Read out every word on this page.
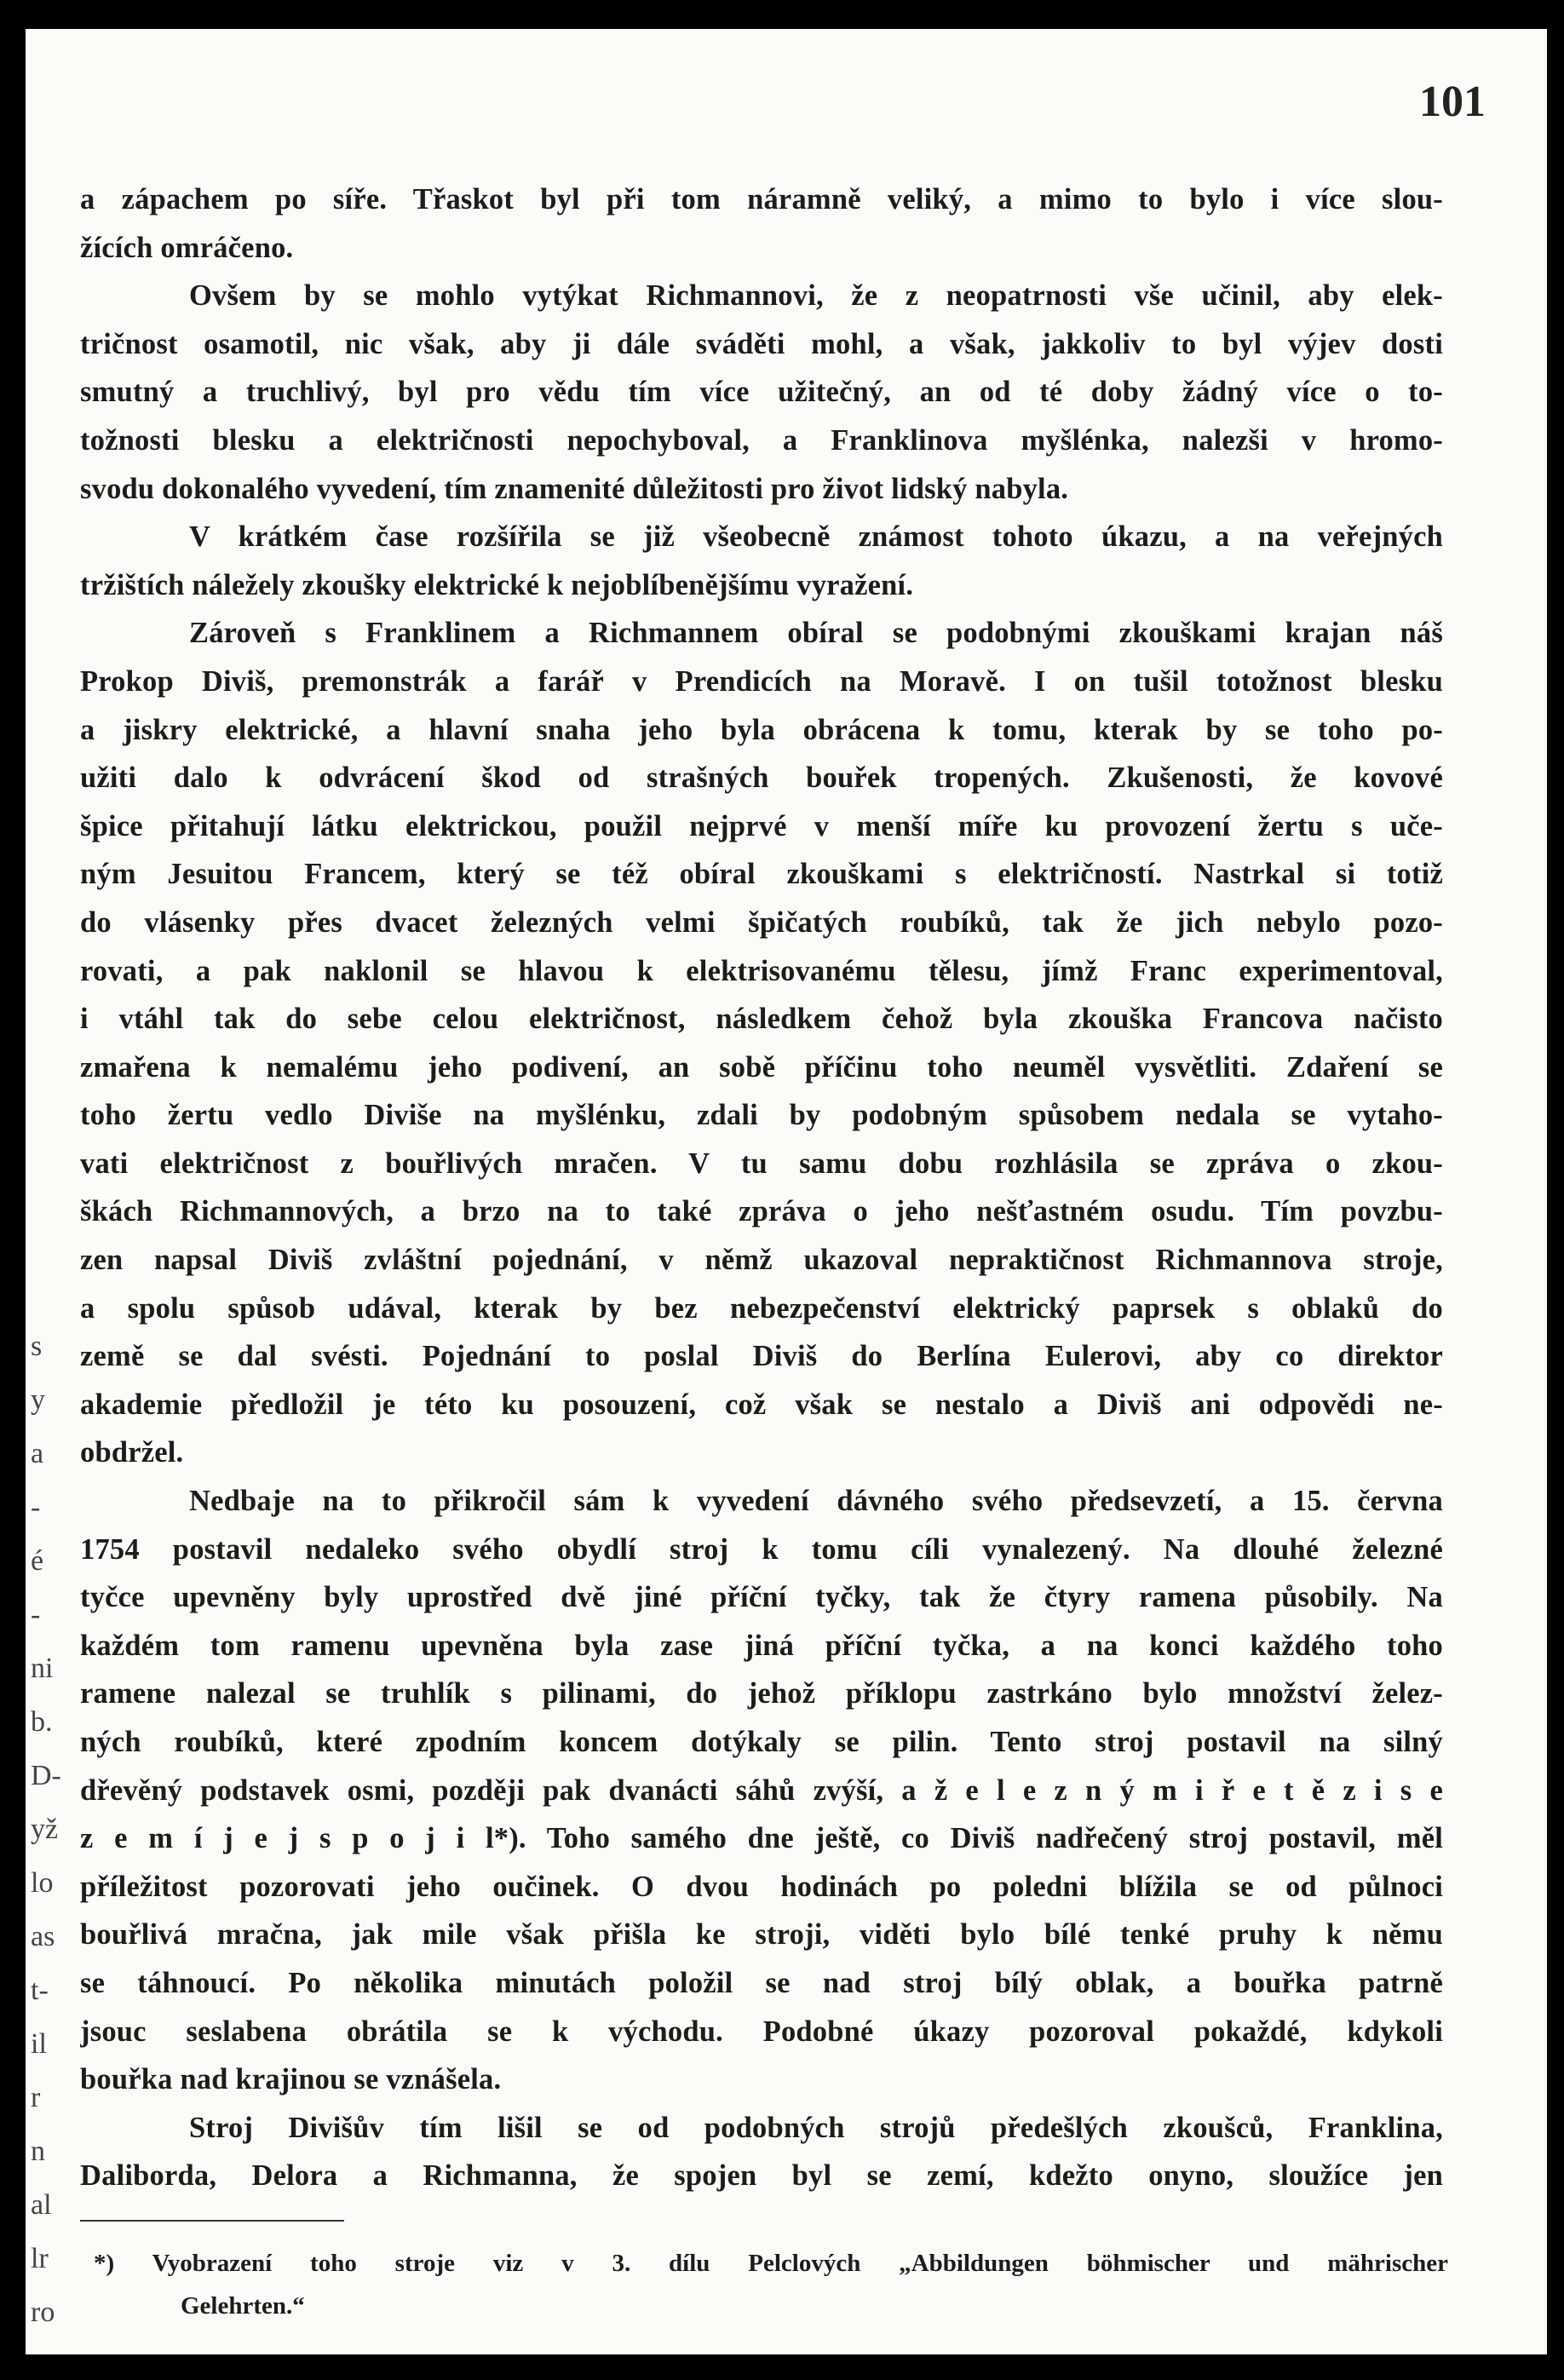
s
y
a
-
é
-
ni
b.
D-
yž
lo
as
t-
il
r
n
al
lr
ro
101
a zápachem po síře. Třaskot byl při tom náramně veliký, a mimo to bylo i více slou-
žících omráčeno.
Ovšem by se mohlo vytýkat Richmannovi, že z neopatrnosti vše učinil, aby elek-
tričnost osamotil, nic však, aby ji dále sváděti mohl, a však, jakkoliv to byl výjev dosti
smutný a truchlivý, byl pro vědu tím více užitečný, an od té doby žádný více o to-
tožnosti blesku a električnosti nepochyboval, a Franklinova myšlénka, nalezši v hromo-
svodu dokonalého vyvedení, tím znamenité důležitosti pro život lidský nabyla.
V krátkém čase rozšířila se již všeobecně známost tohoto úkazu, a na veřejných
tržištích náležely zkoušky elektrické k nejoblíbenějšímu vyražení.
Zároveň s Franklinem a Richmannem obíral se podobnými zkouškami krajan náš
Prokop Diviš, premonstrák a farář v Prendicích na Moravě. I on tušil totožnost blesku
a jiskry elektrické, a hlavní snaha jeho byla obrácena k tomu, kterak by se toho po-
užiti dalo k odvrácení škod od strašných bouřek tropených. Zkušenosti, že kovové
špice přitahují látku elektrickou, použil nejprvé v menší míře ku provození žertu s uče-
ným Jesuitou Francem, který se též obíral zkouškami s električností. Nastrkal si totiž
do vlásenky přes dvacet železných velmi špičatých roubíků, tak že jich nebylo pozo-
rovati, a pak naklonil se hlavou k elektrisovanému tělesu, jímž Franc experimentoval,
i vtáhl tak do sebe celou električnost, následkem čehož byla zkouška Francova načisto
zmařena k nemalému jeho podivení, an sobě příčinu toho neuměl vysvětliti. Zdaření se
toho žertu vedlo Diviše na myšlénku, zdali by podobným spůsobem nedala se vytaho-
vati električnost z bouřlivých mračen. V tu samu dobu rozhlásila se zpráva o zkou-
škách Richmannových, a brzo na to také zpráva o jeho nešťastném osudu. Tím povzbu-
zen napsal Diviš zvláštní pojednání, v němž ukazoval nepraktičnost Richmannova stroje,
a spolu spůsob udával, kterak by bez nebezpečenství elektrický paprsek s oblaků do
země se dal svésti. Pojednání to poslal Diviš do Berlína Eulerovi, aby co direktor
akademie předložil je této ku posouzení, což však se nestalo a Diviš ani odpovědi ne-
obdržel.
Nedbaje na to přikročil sám k vyvedení dávného svého předsevzetí, a 15. června
1754 postavil nedaleko svého obydlí stroj k tomu cíli vynalezený. Na dlouhé železné
tyčce upevněny byly uprostřed dvě jiné příční tyčky, tak že čtyry ramena působily. Na
každém tom ramenu upevněna byla zase jiná příční tyčka, a na konci každého toho
ramene nalezal se truhlík s pilinami, do jehož příklopu zastrkáno bylo množství želez-
ných roubíků, které zpodním koncem dotýkaly se pilin. Tento stroj postavil na silný
dřevěný podstavek osmi, později pak dvanácti sáhů zvýší, a ž e l e z n ý m i ř e t ě z i s e
z e m í j e j s p o j i l*). Toho samého dne ještě, co Diviš nadřečený stroj postavil, měl
příležitost pozorovati jeho oučinek. O dvou hodinách po poledni blížila se od půlnoci
bouřlivá mračna, jak mile však přišla ke stroji, viděti bylo bílé tenké pruhy k němu
se táhnoucí. Po několika minutách položil se nad stroj bílý oblak, a bouřka patrně
jsouc seslabena obrátila se k východu. Podobné úkazy pozoroval pokaždé, kdykoli
bouřka nad krajinou se vznášela.
Stroj Divišův tím lišil se od podobných strojů předešlých zkoušců, Franklina,
Daliborda, Delora a Richmanna, že spojen byl se zemí, kdežto onyno, sloužíce jen
*) Vyobrazení toho stroje viz v 3. dílu Pelclových „Abbildungen böhmischer und mährischer
Gelehrten.“
